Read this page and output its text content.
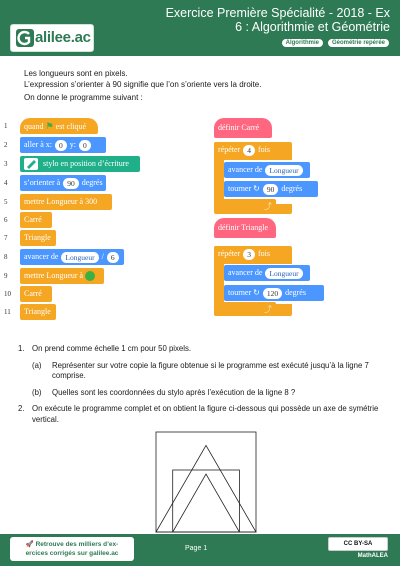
alilee.ac
Exercice Première Spécialité - 2018 - Ex 6 : Algorithmie et Géométrie
Algorithmie	Géométrie repérée
Les longueurs sont en pixels.
L’expression s’orienter à 90 signifie que l’on s’oriente vers la droite.
On donne le programme suivant :
1
2
3
4
5
6
7
8
9
10
11
quand ⚑ est cliqué
aller à x: 0 y: 0
stylo en position d’écriture
s’orienter à 90 degrés
mettre Longueur à 300
Carré
Triangle
avancer de Longueur / 6
mettre Longueur à
Carré
Triangle
définir Carré
répéter 4 fois
avancer de Longueur
tourner ↻ 90 degrés
⤴
définir Triangle
répéter 3 fois
avancer de Longueur
tourner ↻ 120 degrés
⤴
1. On prend comme échelle 1 cm pour 50 pixels.
(a) Représenter sur votre copie la figure obtenue si le programme est exécuté jusqu’à la ligne 7 comprise.
(b) Quelles sont les coordonnées du stylo après l’exécution de la ligne 8 ?
2. On exécute le programme complet et on obtient la figure ci-dessous qui possède un axe de symétrie vertical.
🚀 Retrouve des milliers d’ex-
ercices corrigés sur galilee.ac
Page 1
CC BY-SA
MathALEA
